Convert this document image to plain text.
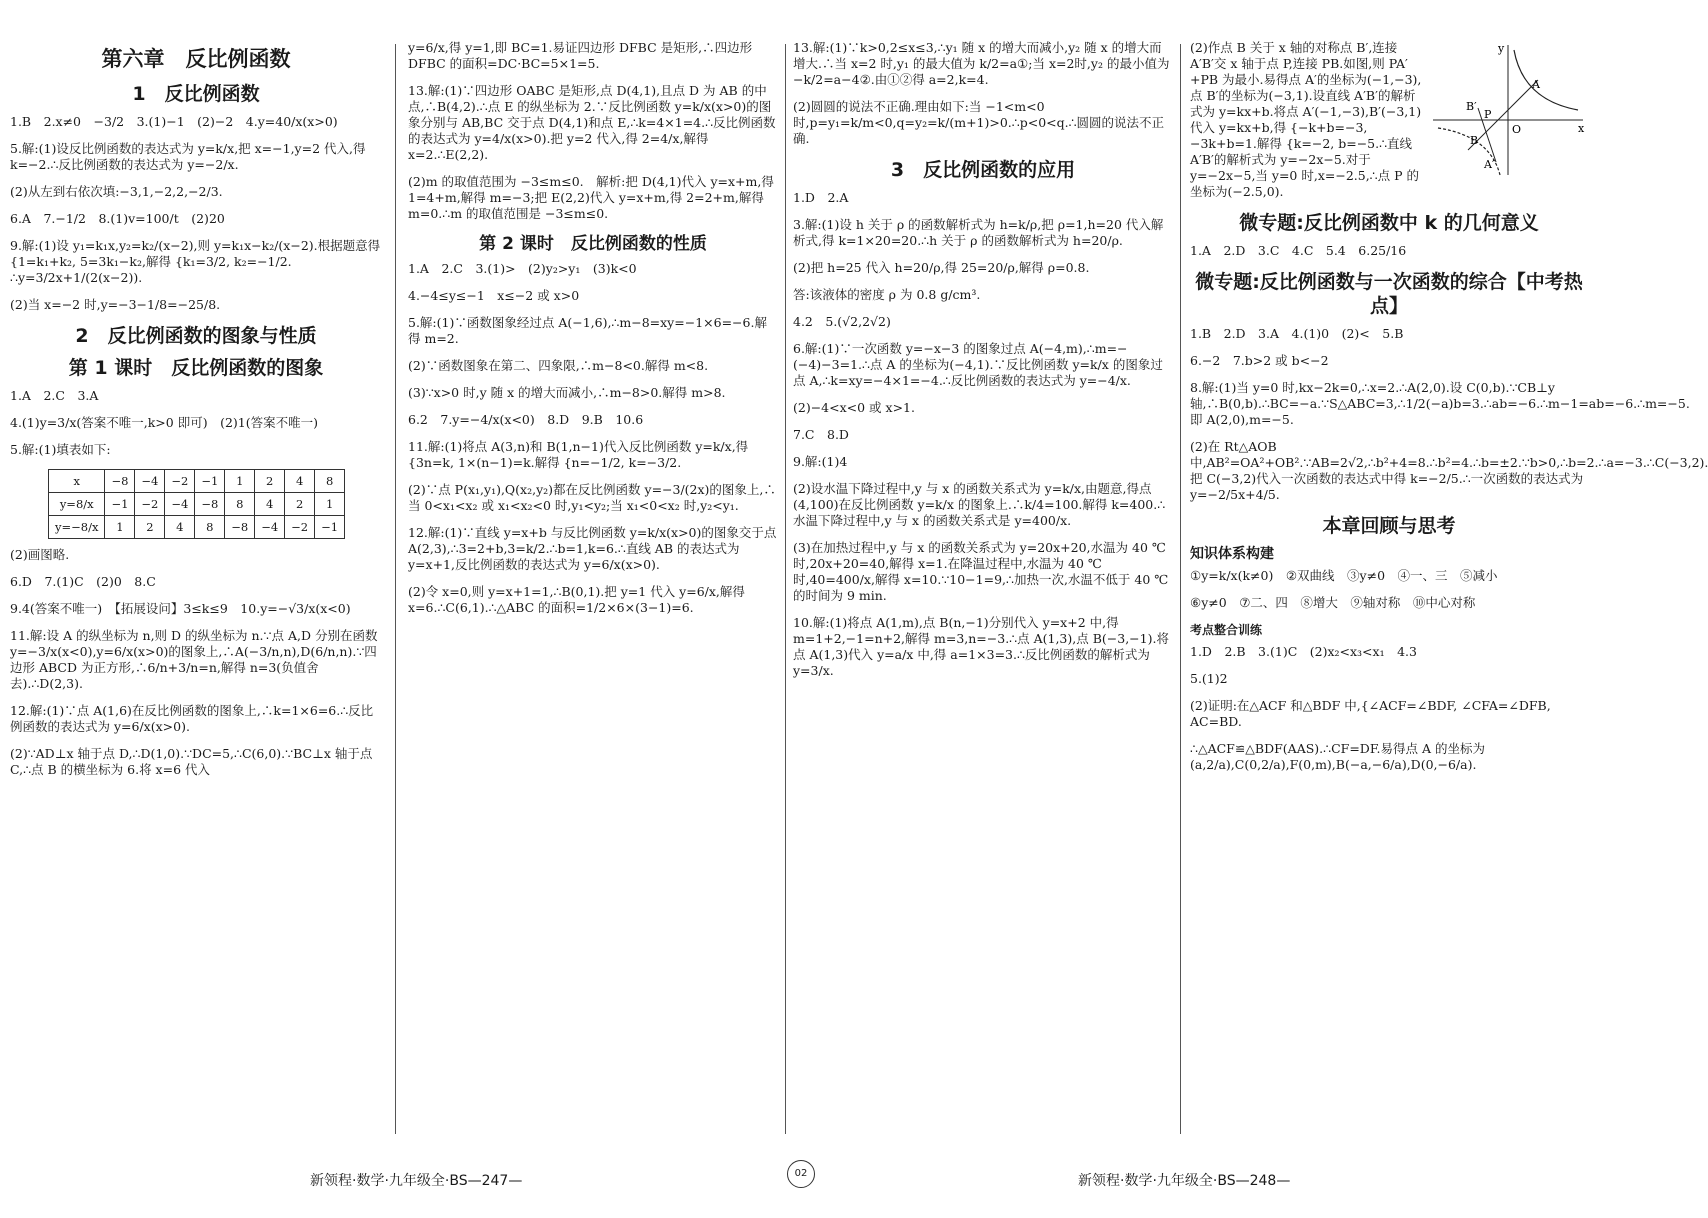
第六章　反比例函数
1　反比例函数
1.B　2.x≠0　−3/2　3.(1)−1　(2)−2　4.y=40/x(x>0)
5.解:(1)设反比例函数的表达式为 y=k/x,把 x=−1,y=2 代入,得 k=−2.∴反比例函数的表达式为 y=−2/x.
(2)从左到右依次填:−3,1,−2,2,−2/3.
6.A　7.−1/2　8.(1)v=100/t　(2)20
9.解:(1)设 y₁=k₁x,y₂=k₂/(x−2),则 y=k₁x−k₂/(x−2).根据题意得 {1=k₁+k₂, 5=3k₁−k₂,解得 {k₁=3/2, k₂=−1/2. ∴y=3/2x+1/(2(x−2)).
(2)当 x=−2 时,y=−3−1/8=−25/8.
2　反比例函数的图象与性质
第 1 课时　反比例函数的图象
1.A　2.C　3.A
4.(1)y=3/x(答案不唯一,k>0 即可)　(2)1(答案不唯一)
5.解:(1)填表如下:
x	−8	−4	−2	−1	1	2	4	8
y=8/x	−1	−2	−4	−8	8	4	2	1
y=−8/x	1	2	4	8	−8	−4	−2	−1
(2)画图略.
6.D　7.(1)C　(2)0　8.C
9.4(答案不唯一)　【拓展设问】3≤k≤9　10.y=−√3/x(x<0)
11.解:设 A 的纵坐标为 n,则 D 的纵坐标为 n.∵点 A,D 分别在函数 y=−3/x(x<0),y=6/x(x>0)的图象上,∴A(−3/n,n),D(6/n,n).∵四边形 ABCD 为正方形,∴6/n+3/n=n,解得 n=3(负值舍去).∴D(2,3).
12.解:(1)∵点 A(1,6)在反比例函数的图象上,∴k=1×6=6.∴反比例函数的表达式为 y=6/x(x>0).
(2)∵AD⊥x 轴于点 D,∴D(1,0).∵DC=5,∴C(6,0).∵BC⊥x 轴于点 C,∴点 B 的横坐标为 6.将 x=6 代入
y=6/x,得 y=1,即 BC=1.易证四边形 DFBC 是矩形,∴四边形 DFBC 的面积=DC·BC=5×1=5.
13.解:(1)∵四边形 OABC 是矩形,点 D(4,1),且点 D 为 AB 的中点,∴B(4,2).∴点 E 的纵坐标为 2.∵反比例函数 y=k/x(x>0)的图象分别与 AB,BC 交于点 D(4,1)和点 E,∴k=4×1=4.∴反比例函数的表达式为 y=4/x(x>0).把 y=2 代入,得 2=4/x,解得 x=2.∴E(2,2).
(2)m 的取值范围为 −3≤m≤0.　解析:把 D(4,1)代入 y=x+m,得 1=4+m,解得 m=−3;把 E(2,2)代入 y=x+m,得 2=2+m,解得 m=0.∴m 的取值范围是 −3≤m≤0.
第 2 课时　反比例函数的性质
1.A　2.C　3.(1)>　(2)y₂>y₁　(3)k<0
4.−4≤y≤−1　x≤−2 或 x>0
5.解:(1)∵函数图象经过点 A(−1,6),∴m−8=xy=−1×6=−6.解得 m=2.
(2)∵函数图象在第二、四象限,∴m−8<0.解得 m<8.
(3)∵x>0 时,y 随 x 的增大而减小,∴m−8>0.解得 m>8.
6.2　7.y=−4/x(x<0)　8.D　9.B　10.6
11.解:(1)将点 A(3,n)和 B(1,n−1)代入反比例函数 y=k/x,得 {3n=k, 1×(n−1)=k.解得 {n=−1/2, k=−3/2.
(2)∵点 P(x₁,y₁),Q(x₂,y₂)都在反比例函数 y=−3/(2x)的图象上,∴当 0<x₁<x₂ 或 x₁<x₂<0 时,y₁<y₂;当 x₁<0<x₂ 时,y₂<y₁.
12.解:(1)∵直线 y=x+b 与反比例函数 y=k/x(x>0)的图象交于点 A(2,3),∴3=2+b,3=k/2.∴b=1,k=6.∴直线 AB 的表达式为 y=x+1,反比例函数的表达式为 y=6/x(x>0).
(2)令 x=0,则 y=x+1=1,∴B(0,1).把 y=1 代入 y=6/x,解得 x=6.∴C(6,1).∴△ABC 的面积=1/2×6×(3−1)=6.
13.解:(1)∵k>0,2≤x≤3,∴y₁ 随 x 的增大而减小,y₂ 随 x 的增大而增大.∴当 x=2 时,y₁ 的最大值为 k/2=a①;当 x=2时,y₂ 的最小值为 −k/2=a−4②.由①②得 a=2,k=4.
(2)圆圆的说法不正确.理由如下:当 −1<m<0 时,p=y₁=k/m<0,q=y₂=k/(m+1)>0.∴p<0<q.∴圆圆的说法不正确.
3　反比例函数的应用
1.D　2.A
3.解:(1)设 h 关于 ρ 的函数解析式为 h=k/ρ,把 ρ=1,h=20 代入解析式,得 k=1×20=20.∴h 关于 ρ 的函数解析式为 h=20/ρ.
(2)把 h=25 代入 h=20/ρ,得 25=20/ρ,解得 ρ=0.8.
答:该液体的密度 ρ 为 0.8 g/cm³.
4.2　5.(√2,2√2)
6.解:(1)∵一次函数 y=−x−3 的图象过点 A(−4,m),∴m=−(−4)−3=1.∴点 A 的坐标为(−4,1).∵反比例函数 y=k/x 的图象过点 A,∴k=xy=−4×1=−4.∴反比例函数的表达式为 y=−4/x.
(2)−4<x<0 或 x>1.
7.C　8.D
9.解:(1)4
(2)设水温下降过程中,y 与 x 的函数关系式为 y=k/x,由题意,得点(4,100)在反比例函数 y=k/x 的图象上.∴k/4=100.解得 k=400.∴水温下降过程中,y 与 x 的函数关系式是 y=400/x.
(3)在加热过程中,y 与 x 的函数关系式为 y=20x+20,水温为 40 ℃时,20x+20=40,解得 x=1.在降温过程中,水温为 40 ℃时,40=400/x,解得 x=10.∵10−1=9,∴加热一次,水温不低于 40 ℃的时间为 9 min.
10.解:(1)将点 A(1,m),点 B(n,−1)分别代入 y=x+2 中,得 m=1+2,−1=n+2,解得 m=3,n=−3.∴点 A(1,3),点 B(−3,−1).将点 A(1,3)代入 y=a/x 中,得 a=1×3=3.∴反比例函数的解析式为 y=3/x.
x
y
O
A
B
B′
A′
P
(2)作点 B 关于 x 轴的对称点 B′,连接 A′B′交 x 轴于点 P,连接 PB.如图,则 PA′+PB 为最小.易得点 A′的坐标为(−1,−3),点 B′的坐标为(−3,1).设直线 A′B′的解析式为 y=kx+b.将点 A′(−1,−3),B′(−3,1)代入 y=kx+b,得 {−k+b=−3, −3k+b=1.解得 {k=−2, b=−5.∴直线 A′B′的解析式为 y=−2x−5.对于 y=−2x−5,当 y=0 时,x=−2.5,∴点 P 的坐标为(−2.5,0).
微专题:反比例函数中 k 的几何意义
1.A　2.D　3.C　4.C　5.4　6.25/16
微专题:反比例函数与一次函数的综合【中考热点】
1.B　2.D　3.A　4.(1)0　(2)<　5.B
6.−2　7.b>2 或 b<−2
8.解:(1)当 y=0 时,kx−2k=0,∴x=2.∴A(2,0).设 C(0,b).∵CB⊥y 轴,∴B(0,b).∴BC=−a.∵S△ABC=3,∴1/2(−a)b=3.∴ab=−6.∴m−1=ab=−6.∴m=−5.即 A(2,0),m=−5.
(2)在 Rt△AOB 中,AB²=OA²+OB².∵AB=2√2,∴b²+4=8.∴b²=4.∴b=±2.∵b>0,∴b=2.∴a=−3.∴C(−3,2).把 C(−3,2)代入一次函数的表达式中得 k=−2/5.∴一次函数的表达式为 y=−2/5x+4/5.
本章回顾与思考
知识体系构建
①y=k/x(k≠0)　②双曲线　③y≠0　④一、三　⑤减小
⑥y≠0　⑦二、四　⑧增大　⑨轴对称　⑩中心对称
考点整合训练
1.D　2.B　3.(1)C　(2)x₂<x₃<x₁　4.3
5.(1)2
(2)证明:在△ACF 和△BDF 中,{∠ACF=∠BDF, ∠CFA=∠DFB, AC=BD.
∴△ACF≌△BDF(AAS).∴CF=DF.易得点 A 的坐标为(a,2/a),C(0,2/a),F(0,m),B(−a,−6/a),D(0,−6/a).
新领程·数学·九年级全·BS—247—	02	新领程·数学·九年级全·BS—248—
